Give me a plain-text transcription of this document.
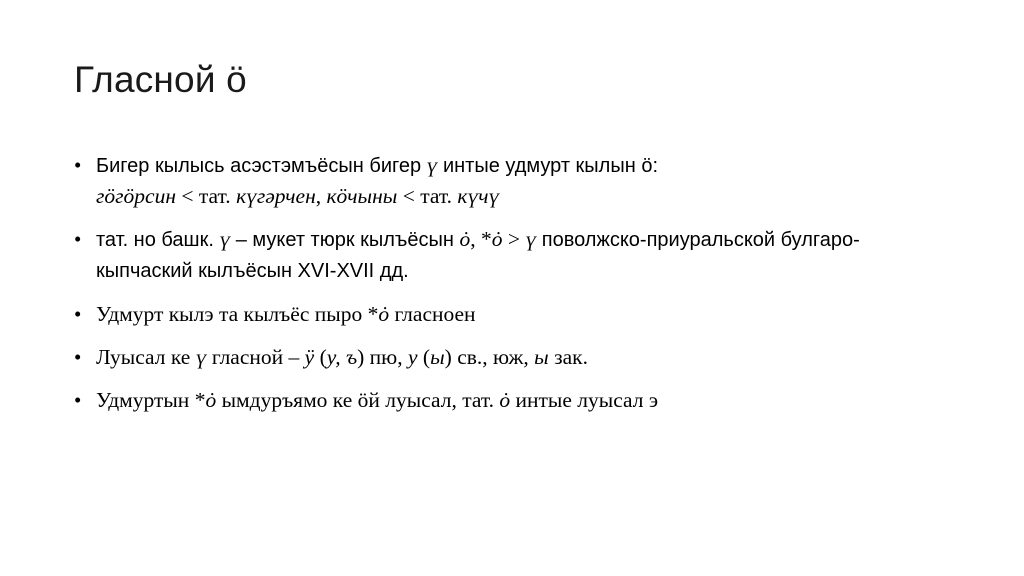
Гласной ӧ
• Бигер кылысь асэстэмъёсын бигер ү интые удмурт кылын ӧ:
гӧгӧрсин < тат. күгәрчен, кӧчыны < тат. күчү
• тат. но башк. ү – мукет тюрк кылъёсын ȯ, *ȯ > ү поволжско-приуральской булгаро-кыпчаский кылъёсын XVI-XVII дд.
• Удмурт кылэ та кылъёс пыро *ȯ гласноен
• Луысал ке ү гласной – ӱ (у, ъ) пю, у (ы) св., юж, ы зак.
• Удмуртын *ȯ ымдуръямо ке ӧй луысал, тат. ȯ интые луысал э
